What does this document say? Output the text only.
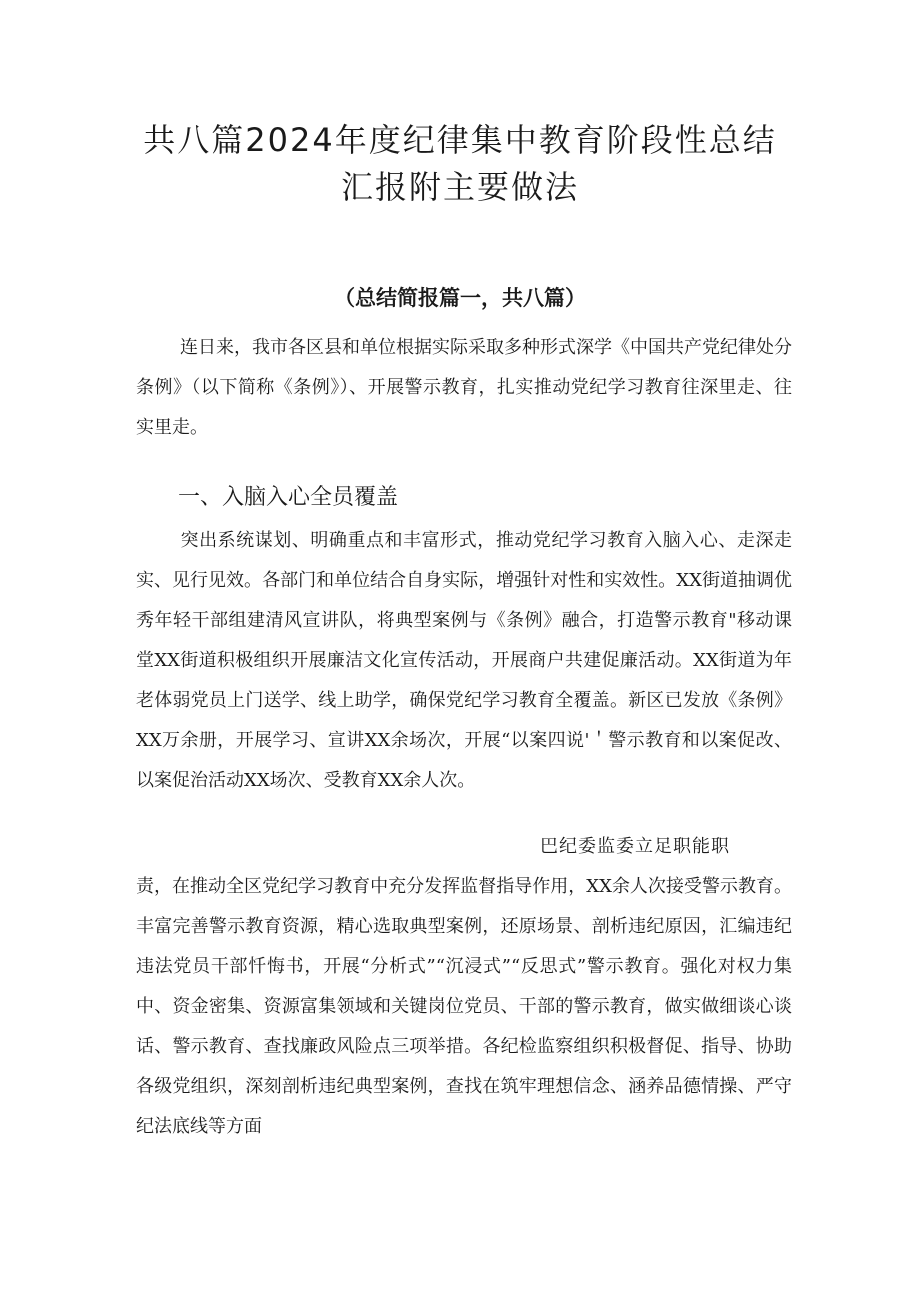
共八篇2024年度纪律集中教育阶段性总结
汇报附主要做法
（总结简报篇一，共八篇）
连日来，我市各区县和单位根据实际采取多种形式深学《中国共产党纪律处分条例》（以下简称《条例》）、开展警示教育，扎实推动党纪学习教育往深里走、往实里走。
一、入脑入心全员覆盖
突出系统谋划、明确重点和丰富形式，推动党纪学习教育入脑入心、走深走实、见行见效。各部门和单位结合自身实际，增强针对性和实效性。XX街道抽调优秀年轻干部组建清风宣讲队，将典型案例与《条例》融合，打造警示教育"移动课堂XX街道积极组织开展廉洁文化宣传活动，开展商户共建促廉活动。XX街道为年老体弱党员上门送学、线上助学，确保党纪学习教育全覆盖。新区已发放《条例》XX万余册，开展学习、宣讲XX余场次，开展“以案四说'＇警示教育和以案促改、以案促治活动XX场次、受教育XX余人次。
巴纪委监委立足职能职
责，在推动全区党纪学习教育中充分发挥监督指导作用，XX余人次接受警示教育。丰富完善警示教育资源，精心选取典型案例，还原场景、剖析违纪原因，汇编违纪违法党员干部忏悔书，开展“分析式”“沉浸式”“反思式”警示教育。强化对权力集中、资金密集、资源富集领域和关键岗位党员、干部的警示教育，做实做细谈心谈话、警示教育、查找廉政风险点三项举措。各纪检监察组织积极督促、指导、协助各级党组织，深刻剖析违纪典型案例，查找在筑牢理想信念、涵养品德情操、严守纪法底线等方面
